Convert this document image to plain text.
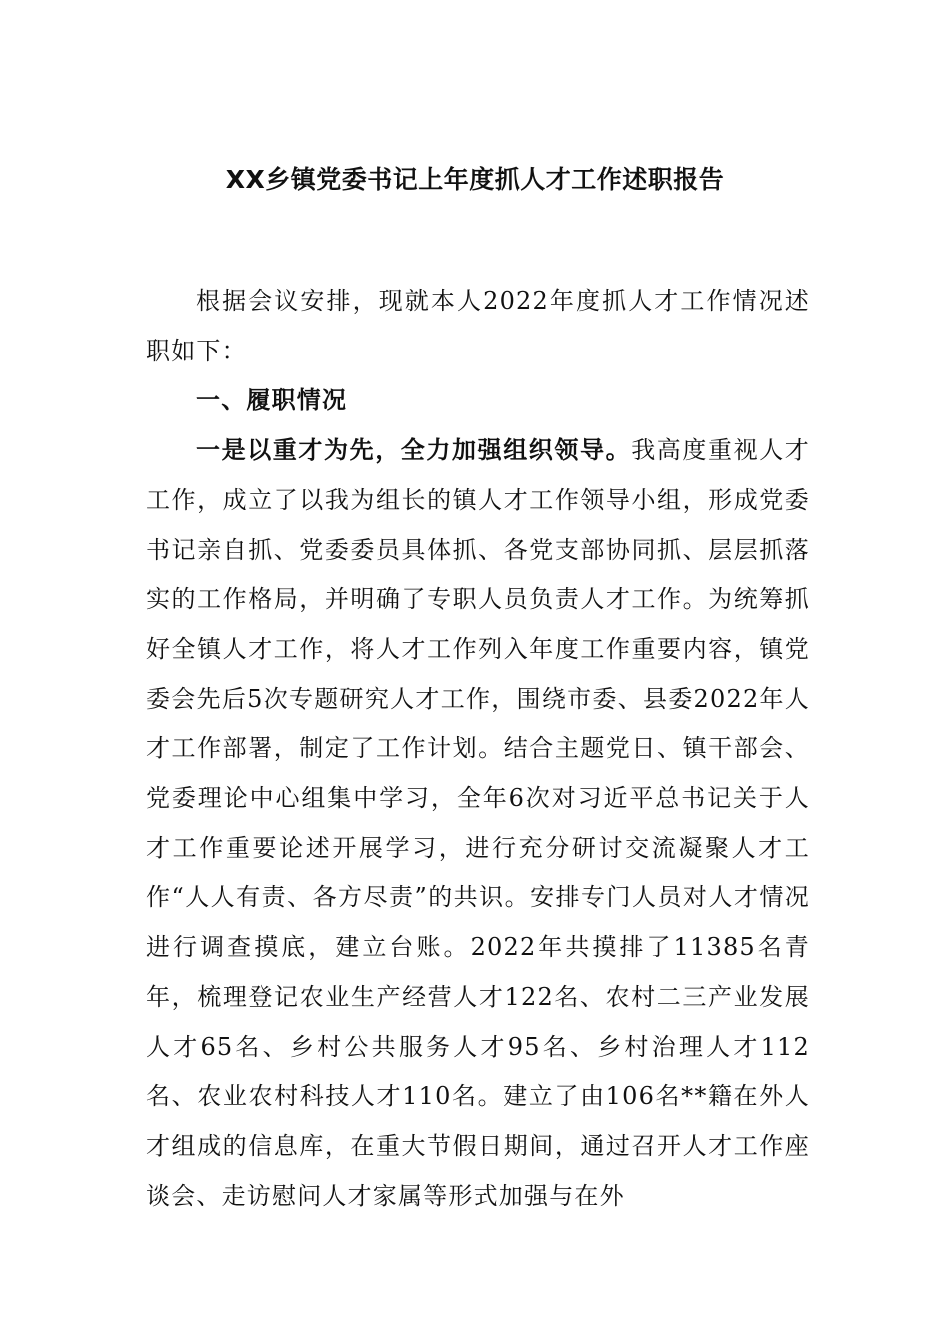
XX乡镇党委书记上年度抓人才工作述职报告

根据会议安排，现就本人2022年度抓人才工作情况述职如下：

一、履职情况

一是以重才为先，全力加强组织领导。我高度重视人才工作，成立了以我为组长的镇人才工作领导小组，形成党委书记亲自抓、党委委员具体抓、各党支部协同抓、层层抓落实的工作格局，并明确了专职人员负责人才工作。为统筹抓好全镇人才工作，将人才工作列入年度工作重要内容，镇党委会先后5次专题研究人才工作，围绕市委、县委2022年人才工作部署，制定了工作计划。结合主题党日、镇干部会、党委理论中心组集中学习，全年6次对习近平总书记关于人才工作重要论述开展学习，进行充分研讨交流凝聚人才工作“人人有责、各方尽责”的共识。安排专门人员对人才情况进行调查摸底，建立台账。2022年共摸排了11385名青年，梳理登记农业生产经营人才122名、农村二三产业发展人才65名、乡村公共服务人才95名、乡村治理人才112名、农业农村科技人才110名。建立了由106名**籍在外人才组成的信息库，在重大节假日期间，通过召开人才工作座谈会、走访慰问人才家属等形式加强与在外
